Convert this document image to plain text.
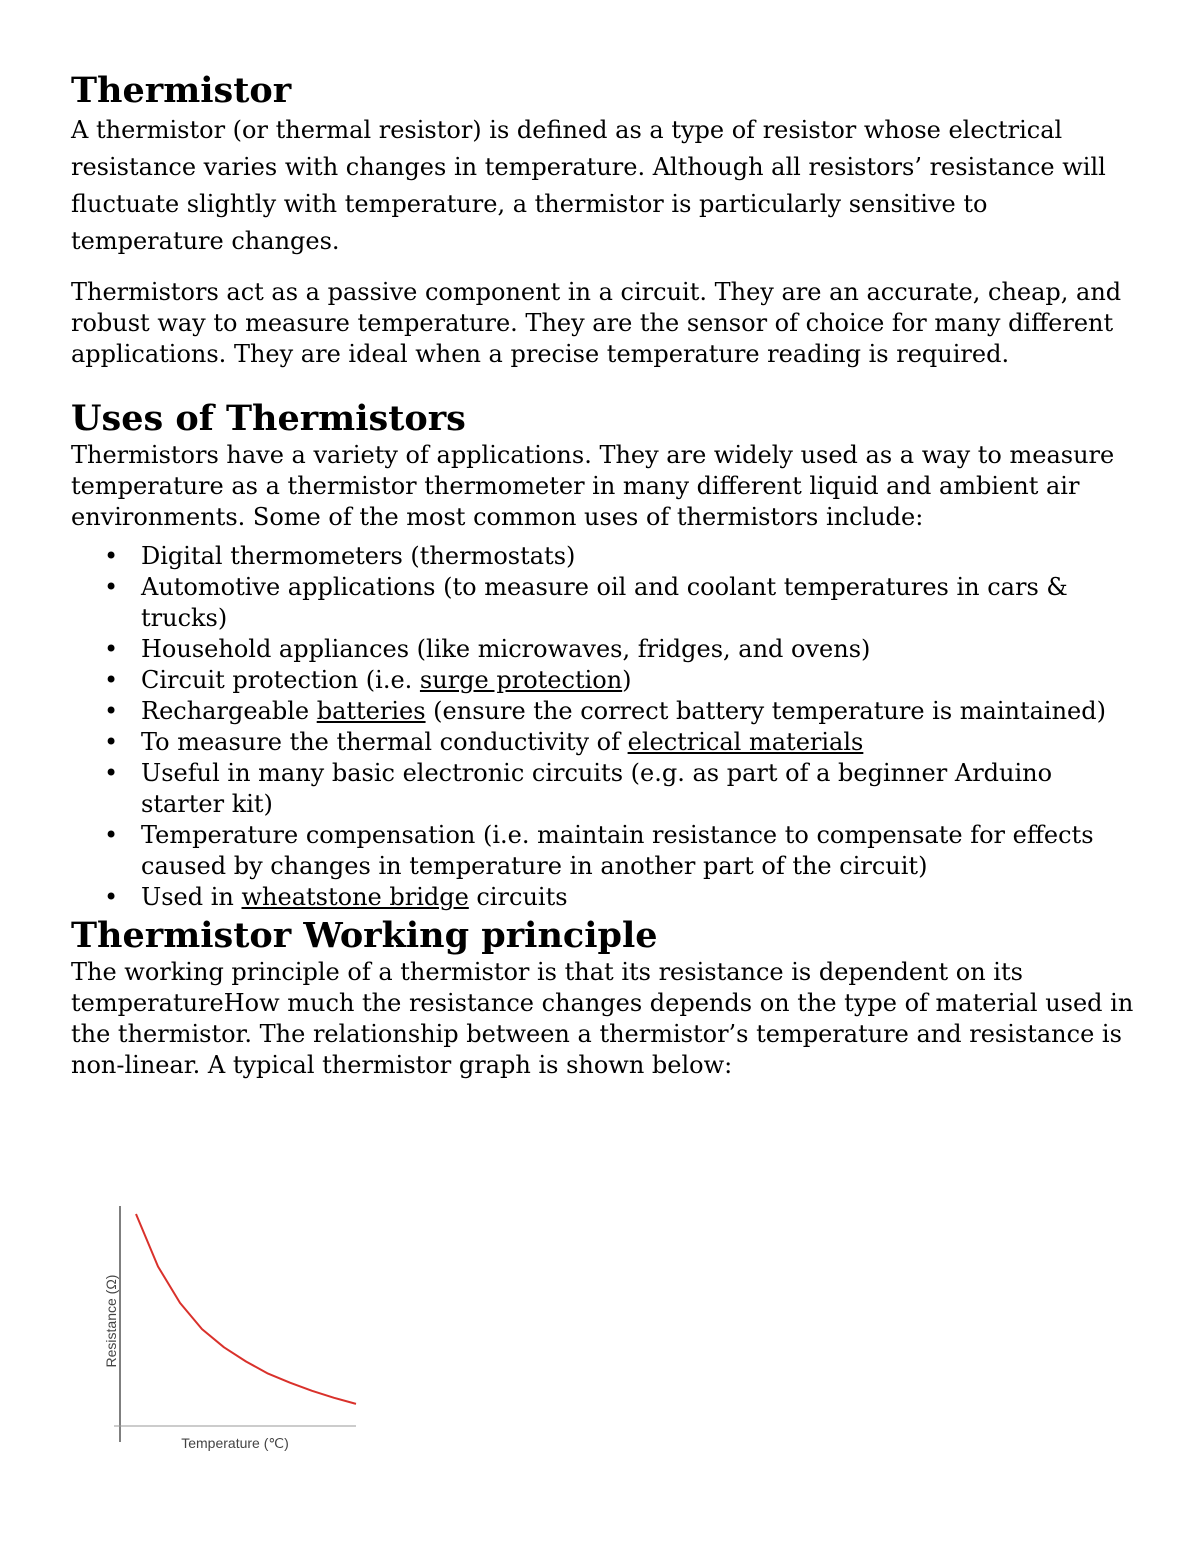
Thermistor

A thermistor (or thermal resistor) is defined as a type of resistor whose electrical resistance varies with changes in temperature. Although all resistors’ resistance will fluctuate slightly with temperature, a thermistor is particularly sensitive to temperature changes.

Thermistors act as a passive component in a circuit. They are an accurate, cheap, and robust way to measure temperature. They are the sensor of choice for many different applications. They are ideal when a precise temperature reading is required.

Uses of Thermistors

Thermistors have a variety of applications. They are widely used as a way to measure temperature as a thermistor thermometer in many different liquid and ambient air environments. Some of the most common uses of thermistors include:

• Digital thermometers (thermostats)
• Automotive applications (to measure oil and coolant temperatures in cars & trucks)
• Household appliances (like microwaves, fridges, and ovens)
• Circuit protection (i.e. surge protection)
• Rechargeable batteries (ensure the correct battery temperature is maintained)
• To measure the thermal conductivity of electrical materials
• Useful in many basic electronic circuits (e.g. as part of a beginner Arduino starter kit)
• Temperature compensation (i.e. maintain resistance to compensate for effects caused by changes in temperature in another part of the circuit)
• Used in wheatstone bridge circuits
Thermistor Working principle

The working principle of a thermistor is that its resistance is dependent on its temperatureHow much the resistance changes depends on the type of material used in the thermistor. The relationship between a thermistor’s temperature and resistance is non-linear. A typical thermistor graph is shown below:

Temperature (℃)
Resistance (Ω)
